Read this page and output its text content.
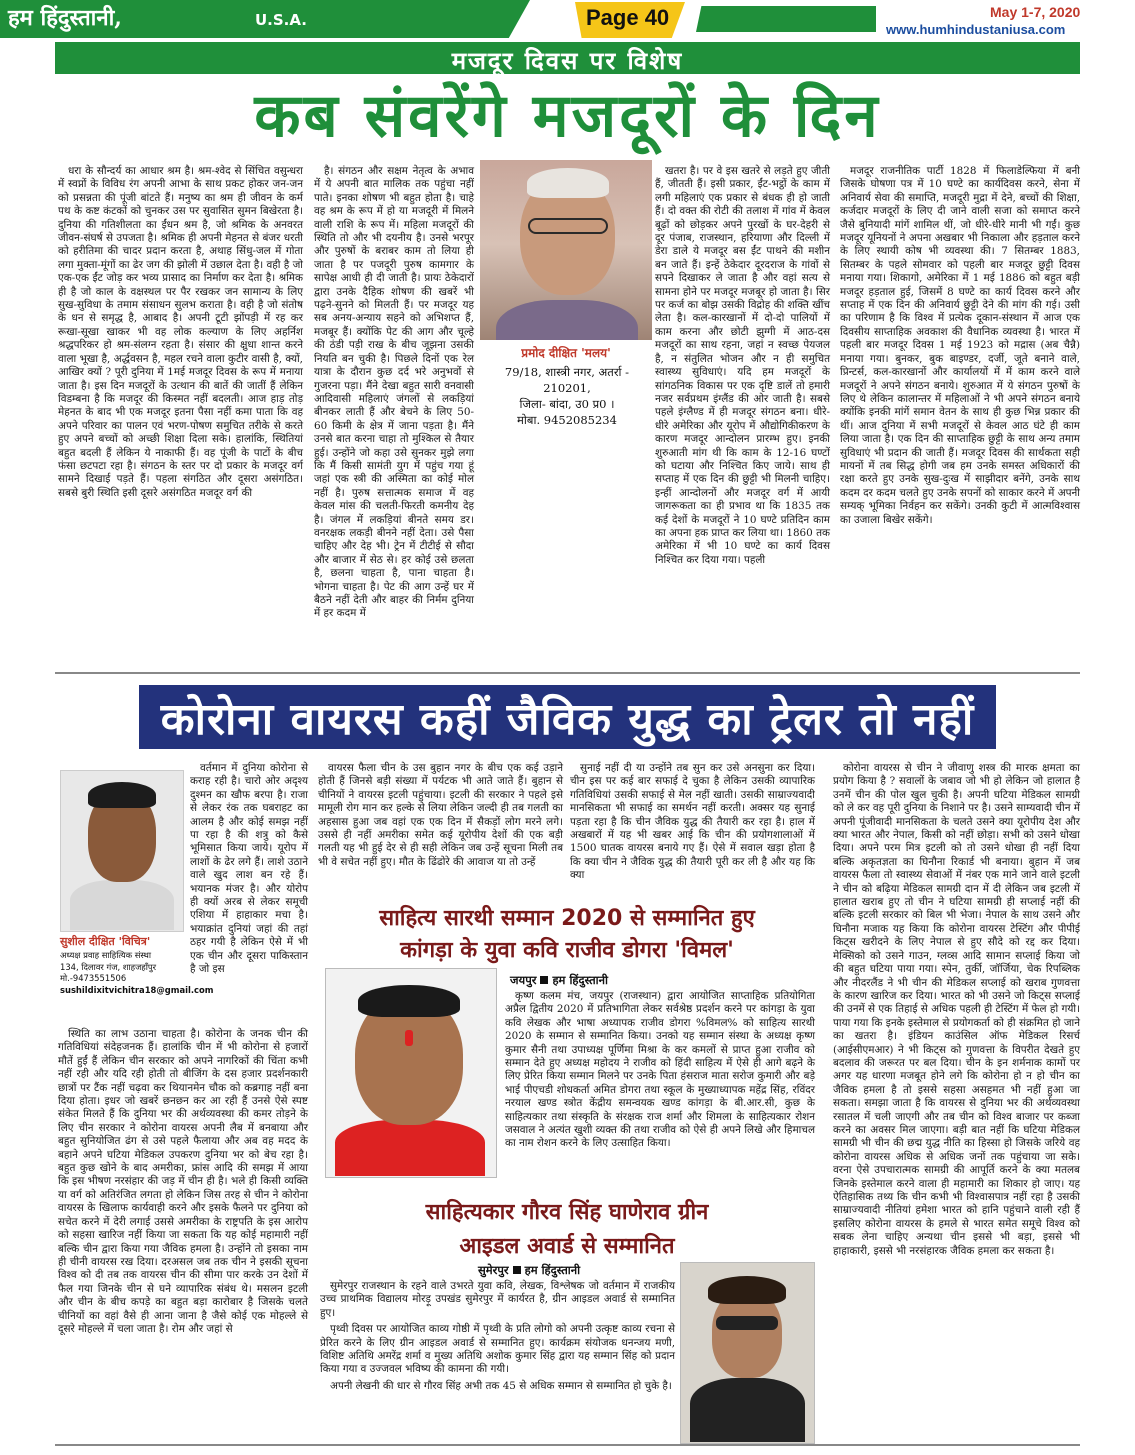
हम हिंदुस्तानी,	U.S.A.	Page 40	May 1-7, 2020
www.humhindustaniusa.com
मजदूर दिवस पर विशेष
कब संवरेंगे मजदूरों के दिन

धरा के सौन्दर्य का आधार श्रम है। श्रम-श्वेद से सिंचित वसुन्धरा में स्वप्नों के विविध रंग अपनी आभा के साथ प्रकट होकर जन-जन को प्रसन्नता की पूंजी बांटते हैं। मनुष्य का श्रम ही जीवन के कर्म पथ के कष्ट कंटकों को चुनकर उस पर सुवासित सुमन बिखेरता है। दुनिया की गतिशीलता का ईंधन श्रम है, जो श्रमिक के अनवरत जीवन-संघर्ष से उपजता है। श्रमिक ही अपनी मेहनत से बंजर धरती को हरीतिमा की चादर प्रदान करता है, अथाह सिंधु-जल में गोता लगा मुक्ता-मूंगों का ढेर जग की झोली में उछाल देता है। वही है जो एक-एक ईंट जोड़ कर भव्य प्रासाद का निर्माण कर देता है। श्रमिक ही है जो काल के वक्षस्थल पर पैर रखकर जन सामान्य के लिए सुख-सुविधा के तमाम संसाधन सुलभ कराता है। वही है जो संतोष के धन से समृद्ध है, आबाद है। अपनी टूटी झोंपड़ी में रह कर रूखा-सूखा खाकर भी वह लोक कल्याण के लिए अहर्निश श्रद्धपरिकर हो श्रम-संलग्न रहता है। संसार की क्षुधा शान्त करने वाला भूखा है, अर्द्धवसन है, महल रचने वाला कुटीर वासी है, क्यों, आखिर क्यों ? पूरी दुनिया में 1मई मजदूर दिवस के रूप में मनाया जाता है। इस दिन मजदूरों के उत्थान की बातें की जातीं हैं लेकिन विडम्बना है कि मजदूर की किस्मत नहीं बदलती। आज हाड़ तोड़ मेहनत के बाद भी एक मजदूर इतना पैसा नहीं कमा पाता कि वह अपने परिवार का पालन एवं भरण-पोषण समुचित तरीके से करते हुए अपने बच्चों को अच्छी शिक्षा दिला सके। हालांकि, स्थितियां बहुत बदली हैं लेकिन ये नाकाफी हैं। वह पूंजी के पाटों के बीच फंसा छटपटा रहा है। संगठन के स्तर पर दो प्रकार के मजदूर वर्ग सामने दिखाई पड़ते हैं। पहला संगठित और दूसरा असंगठित। सबसे बुरी स्थिति इसी दूसरे असंगठित मजदूर वर्ग की

है। संगठन और सक्षम नेतृत्व के अभाव में ये अपनी बात मालिक तक पहुंचा नहीं पाते। इनका शोषण भी बहुत होता है। चाहे वह श्रम के रूप में हो या मजदूरी में मिलने वाली राशि के रूप में। महिला मजदूरों की स्थिति तो और भी दयनीय है। उनसे भरपूर और पुरुषों के बराबर काम तो लिया ही जाता है पर पजदूरी पुरुष कामगार के सापेक्ष आधी ही दी जाती है। प्रायः ठेकेदारों द्वारा उनके दैहिक शोषण की खबरें भी पढ़ने-सुनने को मिलती हैं। पर मजदूर यह सब अनय-अन्याय सहने को अभिशप्त हैं, मजबूर हैं। क्योंकि पेट की आग और चूल्हे की ठंडी पड़ी राख के बीच जूझना उसकी नियति बन चुकी है। पिछले दिनों एक रेल यात्रा के दौरान कुछ दर्द भरे अनुभवों से गुजरना पड़ा। मैंने देखा बहुत सारी वनवासी आदिवासी महिलाएं जंगलों से लकड़ियां बीनकर लाती हैं और बेचने के लिए 50-60 किमी के क्षेत्र में जाना पड़ता है। मैंने उनसे बात करना चाहा तो मुश्किल से तैयार हुई। उन्होंने जो कहा उसे सुनकर मुझे लगा कि मैं किसी सामंती युग में पहुंच गया हूं जहां एक स्त्री की अस्मिता का कोई मोल नहीं है। पुरुष सत्तात्मक समाज में वह केवल मांस की चलती-फिरती कमनीय देह है। जंगल में लकड़ियां बीनते समय डर। वनरक्षक लकड़ी बीनने नहीं देता। उसे पैसा चाहिए और देह भी। ट्रेन में टीटीई से सौदा और बाजार में सेठ से। हर कोई उसे छलता है, छलना चाहता है, पाना चाहता है। भोगना चाहता है। पेट की आग उन्हें घर में बैठने नहीं देती और बाहर की निर्मम दुनिया में हर कदम में

प्रमोद दीक्षित 'मलय'
79/18, शास्त्री नगर, अतर्रा -
210201,
जिला- बांदा, उ0 प्र0 ।
मोबा. 9452085234

खतरा है। पर वे इस खतरे से लड़ते हुए जीती हैं, जीतती हैं। इसी प्रकार, ईंट-भट्ठों के काम में लगी महिलाएं एक प्रकार से बंधक ही हो जाती हैं। दो वक्त की रोटी की तलाश में गांव में केवल बूढ़ों को छोड़कर अपने पुरखों के घर-देहरी से दूर पंजाब, राजस्थान, हरियाणा और दिल्ली में डेरा डाले ये मजदूर बस ईंट पाथने की मशीन बन जाते हैं। इन्हें ठेकेदार दूरदराज के गांवों से सपने दिखाकर ले जाता है और वहां सत्य से सामना होने पर मजदूर मजबूर हो जाता है। सिर पर कर्ज का बोझ उसकी विद्रोह की शक्ति खींच लेता है। कल-कारखानों में दो-दो पालियों में काम करना और छोटी झुग्गी में आठ-दस मजदूरों का साथ रहना, जहां न स्वच्छ पेयजल है, न संतुलित भोजन और न ही समुचित स्वास्थ्य सुविधाएं। यदि हम मजदूरों के सांगठनिक विकास पर एक दृष्टि डालें तो हमारी नजर सर्वप्रथम इंग्लैंड की ओर जाती है। सबसे पहले इंग्लैण्ड में ही मजदूर संगठन बना। धीरे-धीरे अमेरिका और यूरोप में औद्योगिकीकरण के कारण मजदूर आन्दोलन प्रारम्भ हुए। इनकी शुरुआती मांग थी कि काम के 12-16 घण्टों को घटाया और निश्चित किए जाये। साथ ही सप्ताह में एक दिन की छुट्टी भी मिलनी चाहिए। इन्हीं आन्दोलनों और मजदूर वर्ग में आयी जागरूकता का ही प्रभाव था कि 1835 तक कई देशों के मजदूरों ने 10 घण्टे प्रतिदिन काम का अपना हक प्राप्त कर लिया था। 1860 तक अमेरिका में भी 10 घण्टे का कार्य दिवस निश्चित कर दिया गया। पहली

मजदूर राजनीतिक पार्टी 1828 में फिलाडेल्फिया में बनी जिसके घोषणा पत्र में 10 घण्टे का कार्यदिवस करने, सेना में अनिवार्य सेवा की समाप्ति, मजदूरी मुद्रा में देने, बच्चों की शिक्षा, कर्जदार मजदूरों के लिए दी जाने वाली सजा को समाप्त करने जैसे बुनियादी मांगें शामिल थीं, जो धीरे-धीरे मानी भी गईं। कुछ मजदूर यूनियनों ने अपना अखबार भी निकाला और हड़ताल करने के लिए स्थायी कोष भी व्यवस्था की। 7 सितम्बर 1883, सितम्बर के पहले सोमवार को पहली बार मजदूर छुट्टी दिवस मनाया गया। शिकागो, अमेरिका में 1 मई 1886 को बहुत बड़ी मजदूर हड़ताल हुई, जिसमें 8 घण्टे का कार्य दिवस करने और सप्ताह में एक दिन की अनिवार्य छुट्टी देने की मांग की गई। उसी का परिणाम है कि विश्व में प्रत्येक दूकान-संस्थान में आज एक दिवसीय साप्ताहिक अवकाश की वैधानिक व्यवस्था है। भारत में पहली बार मजदूर दिवस 1 मई 1923 को मद्रास (अब चैन्नै) मनाया गया। बुनकर, बुक बाइण्डर, दर्जी, जूते बनाने वाले, प्रिन्टर्स, कल-कारखानों और कार्यालयों में में काम करने वाले मजदूरों ने अपने संगठन बनाये। शुरुआत में ये संगठन पुरुषों के लिए थे लेकिन कालान्तर में महिलाओं ने भी अपने संगठन बनाये क्योंकि इनकी मांगें समान वेतन के साथ ही कुछ भिन्न प्रकार की थीं। आज दुनिया में सभी मजदूरों से केवल आठ घंटे ही काम लिया जाता है। एक दिन की साप्ताहिक छुट्टी के साथ अन्य तमाम सुविधाएं भी प्रदान की जाती हैं। मजदूर दिवस की सार्थकता सही मायनों में तब सिद्ध होगी जब हम उनके समस्त अधिकारों की रक्षा करते हुए उनके सुख-दुःख में साझीदार बनेंगे, उनके साथ कदम दर कदम चलते हुए उनके सपनों को साकार करने में अपनी सम्यक् भूमिका निर्वहन कर सकेंगे। उनकी कुटी में आत्मविश्वास का उजाला बिखेर सकेंगे।

कोरोना वायरस कहीं जैविक युद्ध का ट्रेलर तो नहीं
सुशील दीक्षित 'विचित्र'
अध्यक्ष प्रवाह साहित्यिक संस्था
134, दिलावर गंज, शाहजहाँपुर
मो.-9473551506
sushildixitvichitra18@gmail.com

वर्तमान में दुनिया कोरोना से कराह रही है। चारो ओर अदृश्य दुश्मन का खौफ बरपा है। राजा से लेकर रंक तक घबराहट का आलम है और कोई समझ नहीं पा रहा है की शत्रु को कैसे भूमिसात किया जाये। यूरोप में लाशों के ढेर लगे हैं। लाशे उठाने वाले खुद लाश बन रहे हैं। भयानक मंजर है। और योरोप ही क्यों अरब से लेकर समूची एशिया में हाहाकार मचा है। भयाक्रांत दुनियां जहां की तहां ठहर गयी है लेकिन ऐसे में भी एक चीन और दूसरा पाकिस्तान है जो इस

स्थिति का लाभ उठाना चाहता है। कोरोना के जनक चीन की गतिविधियां संदेहजनक हैं। हालांकि चीन में भी कोरोना से हजारों मौतें हुईं हैं लेकिन चीन सरकार को अपने नागरिकों की चिंता कभी नहीं रही और यदि रही होती तो बीजिंग के दस हजार प्रदर्शनकारी छात्रों पर टैंक नहीं चढ़वा कर थियानमेन चौक को कब्रगाह नहीं बना दिया होता। इधर जो खबरें छनछन कर आ रही हैं उनसे ऐसे स्पष्ट संकेत मिलते हैं कि दुनिया भर की अर्थव्यवस्था की कमर तोड़ने के लिए चीन सरकार ने कोरोना वायरस अपनी लैब में बनबाया और बहुत सुनियोजित ढंग से उसे पहले फैलाया और अब वह मदद के बहाने अपने घटिया मेडिकल उपकरण दुनिया भर को बेच रहा है। बहुत कुछ खोने के बाद अमरीका, फ्रांस आदि की समझ में आया कि इस भीषण नरसंहार की जड़ में चीन ही है। भले ही किसी व्यक्ति या वर्ग को अतिरंजित लगता हो लेकिन जिस तरह से चीन ने कोरोना वायरस के खिलाफ कार्यवाही करने और इसके फैलने पर दुनिया को सचेत करने में देरी लगाई उससे अमरीका के राष्ट्रपति के इस आरोप को सहसा खारिज नहीं किया जा सकता कि यह कोई महामारी नहीं बल्कि चीन द्वारा किया गया जैविक हमला है। उन्होंने तो इसका नाम ही चीनी वायरस रख दिया। दरअसल जब तक चीन ने इसकी सूचना विश्व को दी तब तक वायरस चीन की सीमा पार करके उन देशों में फैल गया जिनके चीन से घने व्यापारिक संबंध थे। मसलन इटली और चीन के बीच कपड़े का बहुत बड़ा कारोबार है जिसके चलते चीनियों का वहां वैसे ही आना जाना है जैसे कोई एक मोहल्ले से दूसरे मोहल्ले में चला जाता है। रोम और जहां से

वायरस फैला चीन के उस बुहान नगर के बीच एक कई उड़ाने होती हैं जिनसे बड़ी संख्या में पर्यटक भी आते जाते हैं। बुहान से चीनियों ने वायरस इटली पहुंचाया। इटली की सरकार ने पहले इसे मामूली रोग मान कर हल्के से लिया लेकिन जल्दी ही तब गलती का अहसास हुआ जब वहां एक एक दिन में सैकड़ों लोग मरने लगे। उससे ही नहीं अमरीका समेत कई यूरोपीय देशों की एक बड़ी गलती यह भी हुई देर से ही सही लेकिन जब उन्हें सूचना मिली तब भी वे सचेत नहीं हुए। मौत के ढिंढोरे की आवाज या तो उन्हें

सुनाई नहीं दी या उन्होंने तब सुन कर उसे अनसुना कर दिया। चीन इस पर कई बार सफाई दे चुका है लेकिन उसकी व्यापारिक गतिविधियां उसकी सफाई से मेल नहीं खाती। उसकी साम्राज्यवादी मानसिकता भी सफाई का समर्थन नहीं करती। अक्सर यह सुनाई पड़ता रहा है कि चीन जैविक युद्ध की तैयारी कर रहा है। हाल में अखबारों में यह भी खबर आई कि चीन की प्रयोगशालाओं में 1500 घातक वायरस बनाये गए हैं। ऐसे में सवाल खड़ा होता है कि क्या चीन ने जैविक युद्ध की तैयारी पूरी कर ली है और यह कि क्या

कोरोना वायरस से चीन ने जीवाणु शस्त्र की मारक क्षमता का प्रयोग किया है ? सवालों के जबाव जो भी हो लेकिन जो हालात है उनमें चीन की पोल खुल चुकी है। अपनी घटिया मेडिकल सामग्री को ले कर वह पूरी दुनिया के निशाने पर है। उसने साम्यवादी चीन में अपनी पूंजीवादी मानसिकता के चलते उसने क्या यूरोपीय देश और क्या भारत और नेपाल, किसी को नहीं छोड़ा। सभी को उसने धोखा दिया। अपने परम मित्र इटली को तो उसने धोखा ही नहीं दिया बल्कि अकृतज्ञता का घिनौना रिकार्ड भी बनाया। बुहान में जब वायरस फैला तो स्वास्थ्य सेवाओं में नंबर एक माने जाने वाले इटली ने चीन को बढ़िया मेडिकल सामग्री दान में दी लेकिन जब इटली में हालात खराब हुए तो चीन ने घटिया सामग्री ही सप्लाई नहीं की बल्कि इटली सरकार को बिल भी भेजा। नेपाल के साथ उसने और घिनौना मजाक यह किया कि कोरोना वायरस टेस्टिंग और पीपीई किट्स खरीदने के लिए नेपाल से हुए सौदे को रद्द कर दिया। मेक्सिको को उसने गाउन, ग्लव्स आदि सामान सप्लाई किया जो की बहुत घटिया पाया गया। स्पेन, तुर्की, जॉर्जिया, चेक रिपब्लिक और नीदरलैंड ने भी चीन की मेडिकल सप्लाई को खराब गुणवत्ता के कारण खारिज कर दिया। भारत को भी उसने जो किट्स सप्लाई की उनमें से एक तिहाई से अधिक पहली ही टेस्टिंग में फेल हो गयी। पाया गया कि इनके इस्तेमाल से प्रयोगकर्ता को ही संक्रमित हो जाने का खतरा है। इंडियन काउंसिल ऑफ मेडिकल रिसर्च (आईसीएमआर) ने भी किट्स को गुणवत्ता के विपरीत देखते हुए बदलाव की जरूरत पर बल दिया। चीन के इन शर्मनाक कामों पर अगर यह धारणा मजबूत होने लगे कि कोरोना हो न हो चीन का जैविक हमला है तो इससे सहसा असहमत भी नहीं हुआ जा सकता। समझा जाता है कि वायरस से दुनिया भर की अर्थव्यवस्था रसातल में चली जाएगी और तब चीन को विश्व बाजार पर कब्जा करने का अवसर मिल जाएगा। बड़ी बात नहीं कि घटिया मेडिकल सामग्री भी चीन की छद्म युद्ध नीति का हिस्सा हो जिसके जरिये वह कोरोना वायरस अधिक से अधिक जनों तक पहुंचाया जा सके। वरना ऐसे उपचारात्मक सामग्री की आपूर्ति करने के क्या मतलब जिनके इस्तेमाल करने वाला ही महामारी का शिकार हो जाए। यह ऐतिहासिक तथ्य कि चीन कभी भी विश्वासपात्र नहीं रहा है उसकी साम्राज्यवादी नीतियां हमेशा भारत को हानि पहुंचाने वाली रही हैं इसलिए कोरोना वायरस के हमले से भारत समेत समूचे विश्व को सबक लेना चाहिए अन्यथा चीन इससे भी बड़ा, इससे भी हाहाकारी, इससे भी नरसंहारक जैविक हमला कर सकता है।

साहित्य सारथी सम्मान 2020 से सम्मानित हुए
कांगड़ा के युवा कवि राजीव डोगरा 'विमल'
जयपुर हम हिंदुस्तानी

कृष्ण कलम मंच, जयपुर (राजस्थान) द्वारा आयोजित साप्ताहिक प्रतियोगिता अप्रैल द्वितीय 2020 में प्रतिभागिता लेकर सर्वश्रेष्ठ प्रदर्शन करने पर कांगड़ा के युवा कवि लेखक और भाषा अध्यापक राजीव डोगरा %विमल% को साहित्य सारथी 2020 के सम्मान से सम्मानित किया। उनको यह सम्मान संस्था के अध्यक्ष कृष्ण कुमार सैनी तथा उपाध्यक्ष पूर्णिमा मिश्रा के कर कमलों से प्राप्त हुआ राजीव को सम्मान देते हुए अध्यक्ष महोदय ने राजीव को हिंदी साहित्य में ऐसे ही आगे बढ़ने के लिए प्रेरित किया सम्मान मिलने पर उनके पिता हंसराज माता सरोज कुमारी और बड़े भाई पीएचडी शोधकर्ता अमित डोगरा तथा स्कूल के मुख्याध्यापक महेंद्र सिंह, रविंदर नरयाल खण्ड स्त्रोत केंद्रीय समन्वयक खण्ड कांगड़ा के बी.आर.सी, कुछ के साहित्यकार तथा संस्कृति के संरक्षक राज शर्मा और शिमला के साहित्यकार रोशन जसवाल ने अत्यंत खुशी व्यक्त की तथा राजीव को ऐसे ही अपने लिखे और हिमाचल का नाम रोशन करने के लिए उत्साहित किया।

साहित्यकार गौरव सिंह घाणेराव ग्रीन
आइडल अवार्ड से सम्मानित
सुमेरपुर हम हिंदुस्तानी

सुमेरपुर राजस्थान के रहने वाले उभरते युवा कवि, लेखक, विश्लेषक जो वर्तमान में राजकीय उच्च प्राथमिक विद्यालय मोरड़ू उपखंड सुमेरपुर में कार्यरत है, ग्रीन आइडल अवार्ड से सम्मानित हुए।

पृथ्वी दिवस पर आयोजित काव्य गोष्ठी में पृथ्वी के प्रति लोगो को अपनी उत्कृष्ट काव्य रचना से प्रेरित करने के लिए ग्रीन आइडल अवार्ड से सम्मानित हुए। कार्यक्रम संयोजक धनन्जय मणी, विशिष्ट अतिथि अमरेंद्र शर्मा व मुख्य अतिथि अशोक कुमार सिंह द्वारा यह सम्मान सिंह को प्रदान किया गया व उज्जवल भविष्य की कामना की गयी।

अपनी लेखनी की धार से गौरव सिंह अभी तक 45 से अधिक सम्मान से सम्मानित हो चुके है।
